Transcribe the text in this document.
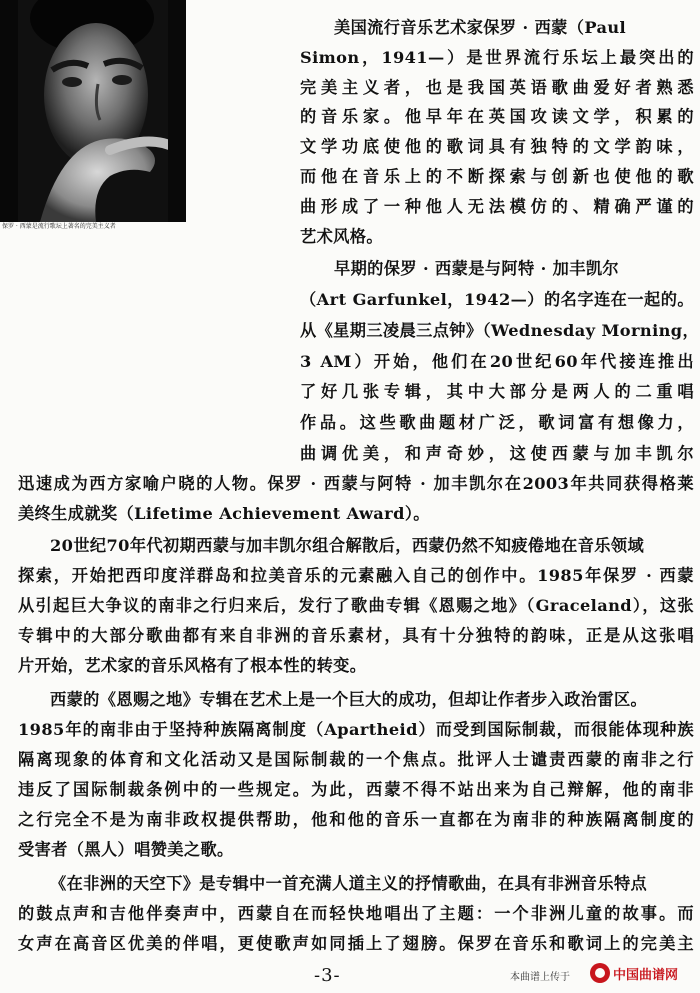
保罗 · 西蒙是流行歌坛上著名的完美主义者
美国流行音乐艺术家保罗 · 西蒙（Paul
Simon，1941—）是世界流行乐坛上最突出的
完美主义者，也是我国英语歌曲爱好者熟悉
的音乐家。他早年在英国攻读文学，积累的
文学功底使他的歌词具有独特的文学韵味，
而他在音乐上的不断探索与创新也使他的歌
曲形成了一种他人无法模仿的、精确严谨的
艺术风格。
早期的保罗 · 西蒙是与阿特 · 加丰凯尔
（Art Garfunkel，1942—）的名字连在一起的。
从《星期三凌晨三点钟》（Wednesday Morning，
3 AM）开始，他们在20世纪60年代接连推出
了好几张专辑，其中大部分是两人的二重唱
作品。这些歌曲题材广泛，歌词富有想像力，
曲调优美，和声奇妙，这使西蒙与加丰凯尔
迅速成为西方家喻户晓的人物。保罗 · 西蒙与阿特 · 加丰凯尔在2003年共同获得格莱
美终生成就奖（Lifetime Achievement Award）。
20世纪70年代初期西蒙与加丰凯尔组合解散后，西蒙仍然不知疲倦地在音乐领域
探索，开始把西印度洋群岛和拉美音乐的元素融入自己的创作中。1985年保罗 · 西蒙
从引起巨大争议的南非之行归来后，发行了歌曲专辑《恩赐之地》（Graceland），这张
专辑中的大部分歌曲都有来自非洲的音乐素材，具有十分独特的韵味，正是从这张唱
片开始，艺术家的音乐风格有了根本性的转变。
西蒙的《恩赐之地》专辑在艺术上是一个巨大的成功，但却让作者步入政治雷区。
1985年的南非由于坚持种族隔离制度（Apartheid）而受到国际制裁，而很能体现种族
隔离现象的体育和文化活动又是国际制裁的一个焦点。批评人士谴责西蒙的南非之行
违反了国际制裁条例中的一些规定。为此，西蒙不得不站出来为自己辩解，他的南非
之行完全不是为南非政权提供帮助，他和他的音乐一直都在为南非的种族隔离制度的
受害者（黑人）唱赞美之歌。
《在非洲的天空下》是专辑中一首充满人道主义的抒情歌曲，在具有非洲音乐特点
的鼓点声和吉他伴奏声中，西蒙自在而轻快地唱出了主题：一个非洲儿童的故事。而
女声在高音区优美的伴唱，更使歌声如同插上了翅膀。保罗在音乐和歌词上的完美主
-3-	本曲谱上传于	中国曲谱网
